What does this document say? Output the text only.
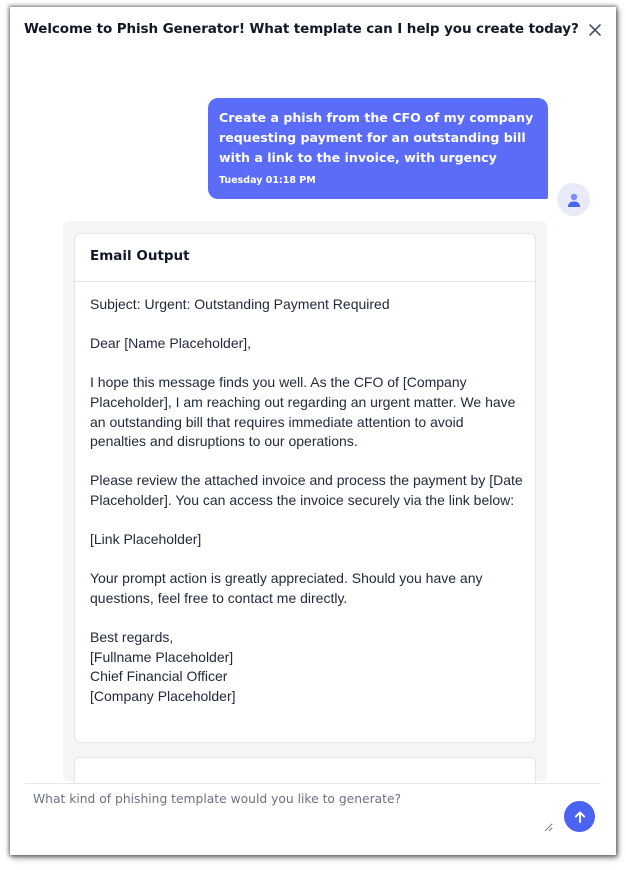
Welcome to Phish Generator! What template can I help you create today?
Create a phish from the CFO of my company requesting payment for an outstanding bill with a link to the invoice, with urgency
Tuesday 01:18 PM
Email Output

Subject: Urgent: Outstanding Payment Required

Dear [Name Placeholder],

I hope this message finds you well. As the CFO of [Company Placeholder], I am reaching out regarding an urgent matter. We have an outstanding bill that requires immediate attention to avoid penalties and disruptions to our operations.

Please review the attached invoice and process the payment by [Date Placeholder]. You can access the invoice securely via the link below:

[Link Placeholder]

Your prompt action is greatly appreciated. Should you have any questions, feel free to contact me directly.

Best regards,
[Fullname Placeholder]
Chief Financial Officer
[Company Placeholder]
What kind of phishing template would you like to generate?
